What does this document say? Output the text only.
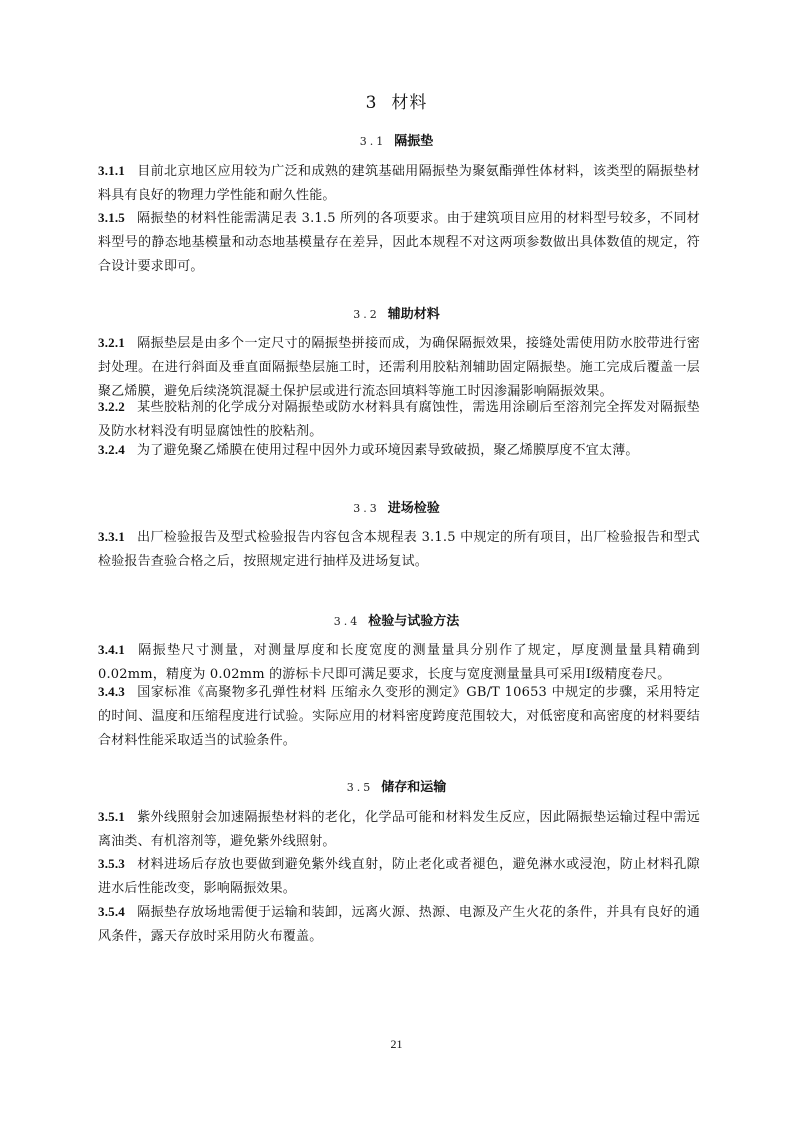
3 材料
3.1 隔振垫
3.1.1 目前北京地区应用较为广泛和成熟的建筑基础用隔振垫为聚氨酯弹性体材料，该类型的隔振垫材料具有良好的物理力学性能和耐久性能。
3.1.5 隔振垫的材料性能需满足表 3.1.5 所列的各项要求。由于建筑项目应用的材料型号较多，不同材料型号的静态地基模量和动态地基模量存在差异，因此本规程不对这两项参数做出具体数值的规定，符合设计要求即可。
3.2 辅助材料
3.2.1 隔振垫层是由多个一定尺寸的隔振垫拼接而成，为确保隔振效果，接缝处需使用防水胶带进行密封处理。在进行斜面及垂直面隔振垫层施工时，还需利用胶粘剂辅助固定隔振垫。施工完成后覆盖一层聚乙烯膜，避免后续浇筑混凝土保护层或进行流态回填料等施工时因渗漏影响隔振效果。
3.2.2 某些胶粘剂的化学成分对隔振垫或防水材料具有腐蚀性，需选用涂刷后至溶剂完全挥发对隔振垫及防水材料没有明显腐蚀性的胶粘剂。
3.2.4 为了避免聚乙烯膜在使用过程中因外力或环境因素导致破损，聚乙烯膜厚度不宜太薄。
3.3 进场检验
3.3.1 出厂检验报告及型式检验报告内容包含本规程表 3.1.5 中规定的所有项目，出厂检验报告和型式检验报告查验合格之后，按照规定进行抽样及进场复试。
3.4 检验与试验方法
3.4.1 隔振垫尺寸测量，对测量厚度和长度宽度的测量量具分别作了规定，厚度测量量具精确到 0.02mm，精度为 0.02mm 的游标卡尺即可满足要求，长度与宽度测量量具可采用Ⅰ级精度卷尺。
3.4.3 国家标准《高聚物多孔弹性材料 压缩永久变形的测定》GB/T 10653 中规定的步骤，采用特定的时间、温度和压缩程度进行试验。实际应用的材料密度跨度范围较大，对低密度和高密度的材料要结合材料性能采取适当的试验条件。
3.5 储存和运输
3.5.1 紫外线照射会加速隔振垫材料的老化，化学品可能和材料发生反应，因此隔振垫运输过程中需远离油类、有机溶剂等，避免紫外线照射。
3.5.3 材料进场后存放也要做到避免紫外线直射，防止老化或者褪色，避免淋水或浸泡，防止材料孔隙进水后性能改变，影响隔振效果。
3.5.4 隔振垫存放场地需便于运输和装卸，远离火源、热源、电源及产生火花的条件，并具有良好的通风条件，露天存放时采用防火布覆盖。
21
